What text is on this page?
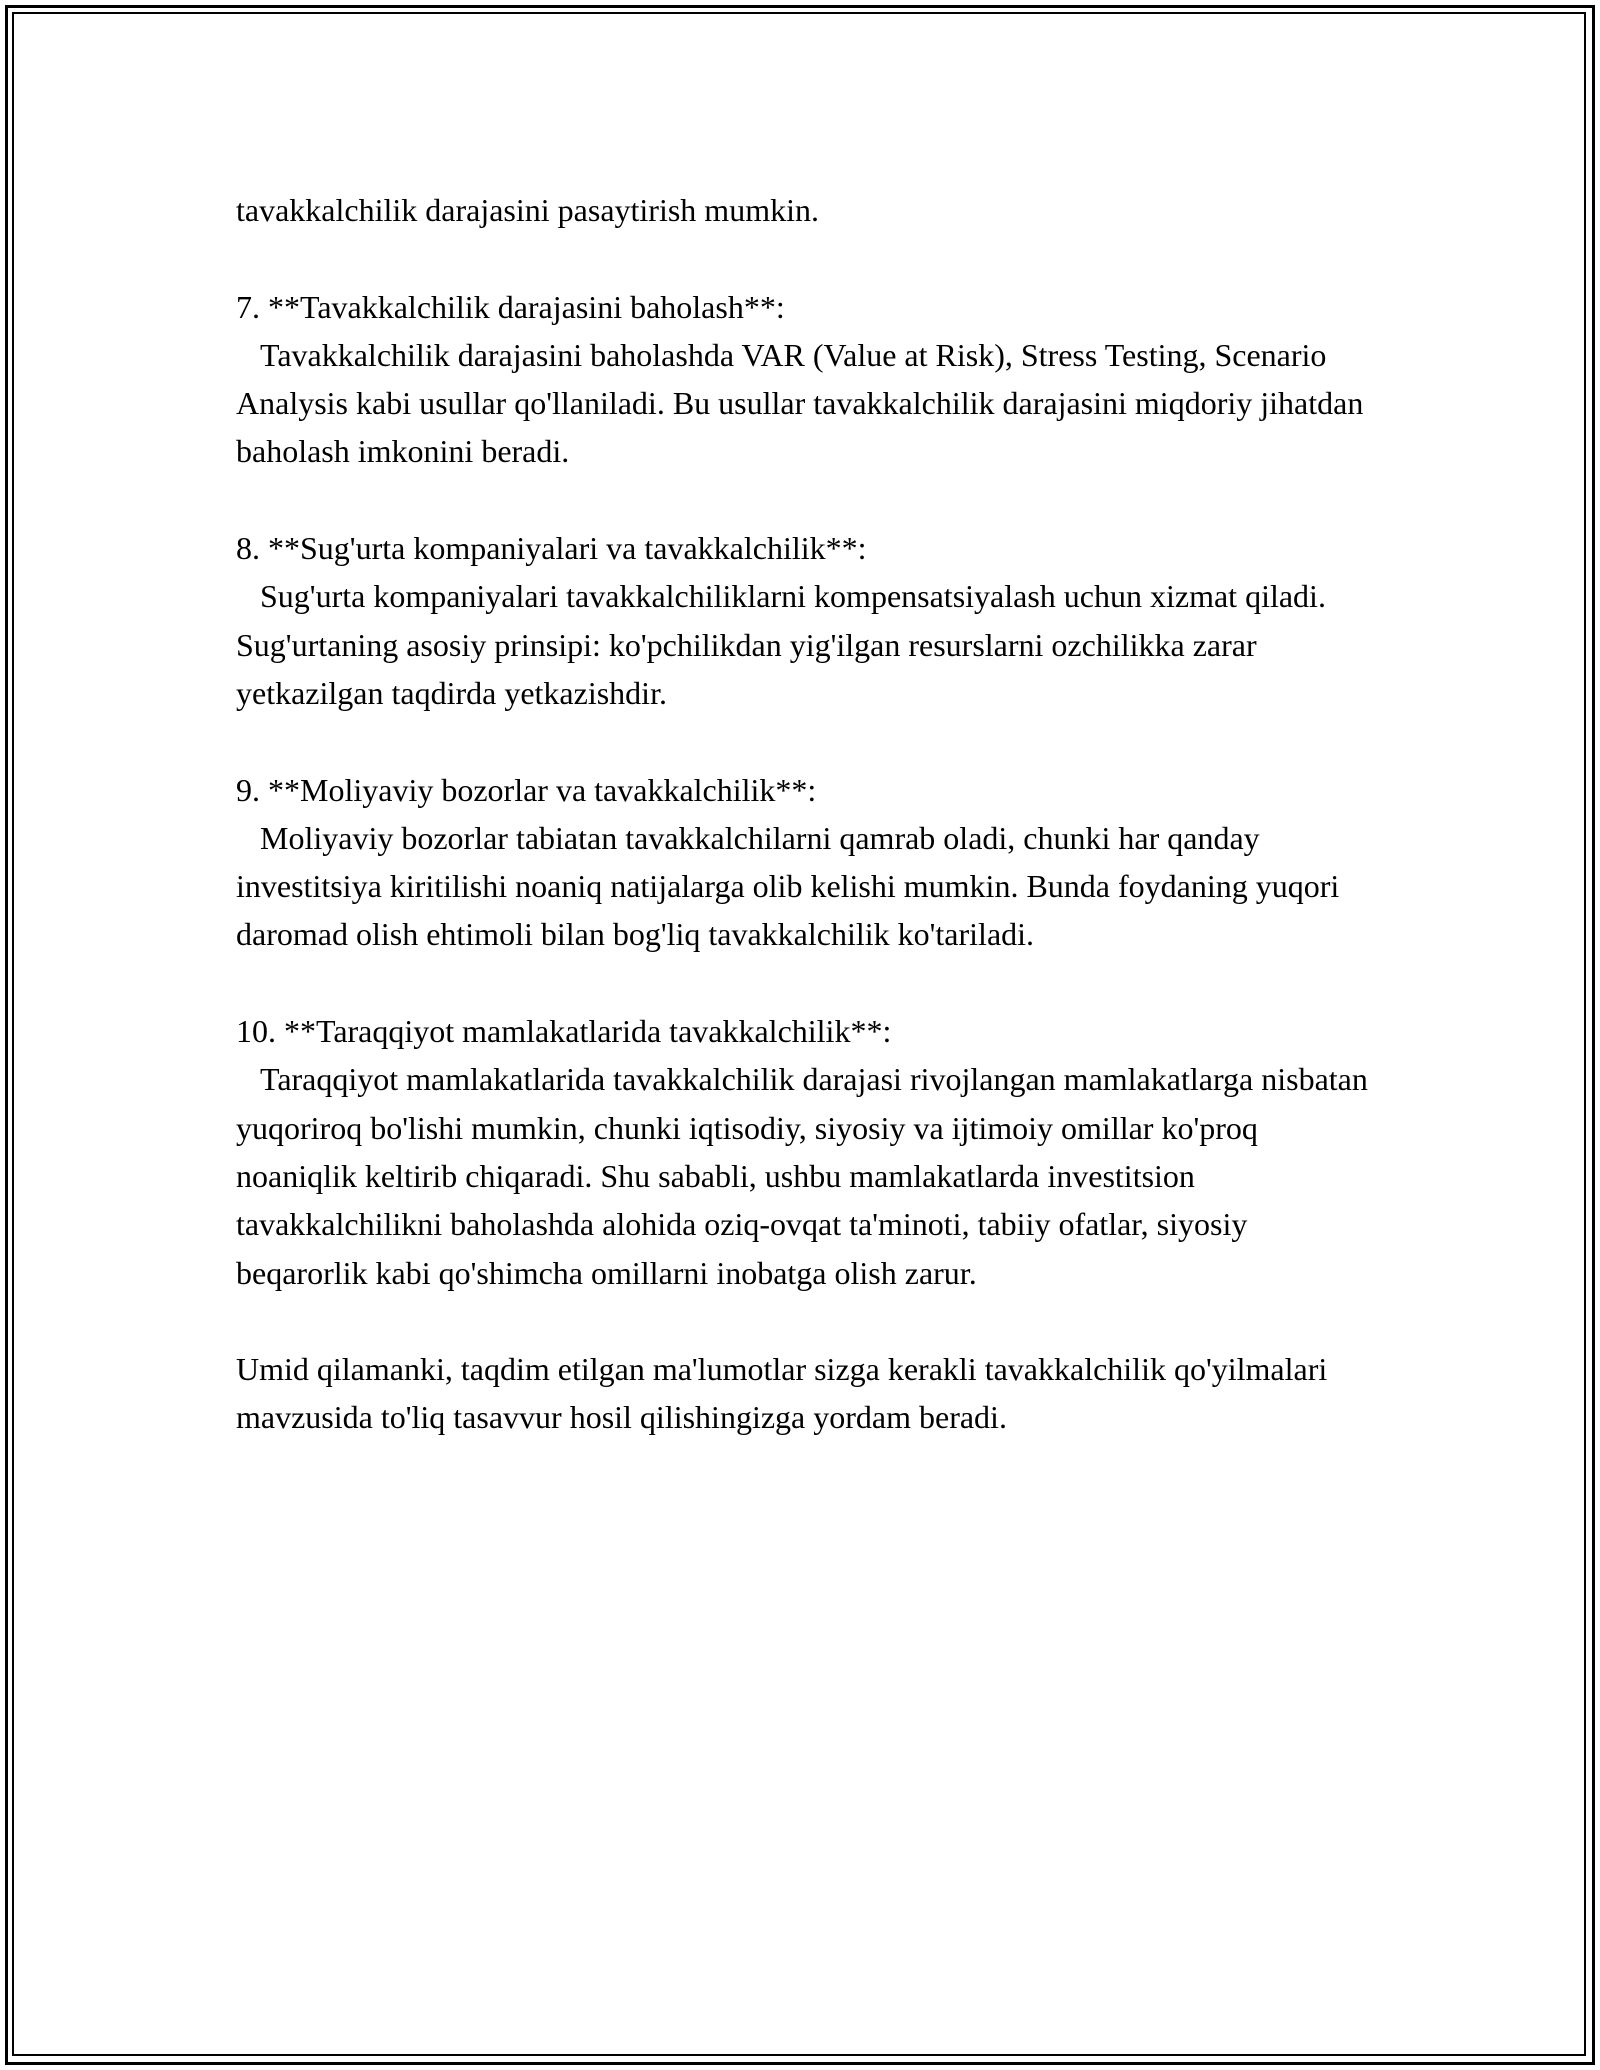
tavakkalchilik darajasini pasaytirish mumkin.

7. **Tavakkalchilik darajasini baholash**:

Tavakkalchilik darajasini baholashda VAR (Value at Risk), Stress Testing, Scenario Analysis kabi usullar qo'llaniladi. Bu usullar tavakkalchilik darajasini miqdoriy jihatdan baholash imkonini beradi.

8. **Sug'urta kompaniyalari va tavakkalchilik**:

Sug'urta kompaniyalari tavakkalchiliklarni kompensatsiyalash uchun xizmat qiladi. Sug'urtaning asosiy prinsipi: ko'pchilikdan yig'ilgan resurslarni ozchilikka zarar yetkazilgan taqdirda yetkazishdir.

9. **Moliyaviy bozorlar va tavakkalchilik**:

Moliyaviy bozorlar tabiatan tavakkalchilarni qamrab oladi, chunki har qanday investitsiya kiritilishi noaniq natijalarga olib kelishi mumkin. Bunda foydaning yuqori daromad olish ehtimoli bilan bog'liq tavakkalchilik ko'tariladi.

10. **Taraqqiyot mamlakatlarida tavakkalchilik**:

Taraqqiyot mamlakatlarida tavakkalchilik darajasi rivojlangan mamlakatlarga nisbatan yuqoriroq bo'lishi mumkin, chunki iqtisodiy, siyosiy va ijtimoiy omillar ko'proq noaniqlik keltirib chiqaradi. Shu sababli, ushbu mamlakatlarda investitsion tavakkalchilikni baholashda alohida oziq-ovqat ta'minoti, tabiiy ofatlar, siyosiy beqarorlik kabi qo'shimcha omillarni inobatga olish zarur.

Umid qilamanki, taqdim etilgan ma'lumotlar sizga kerakli tavakkalchilik qo'yilmalari mavzusida to'liq tasavvur hosil qilishingizga yordam beradi.
